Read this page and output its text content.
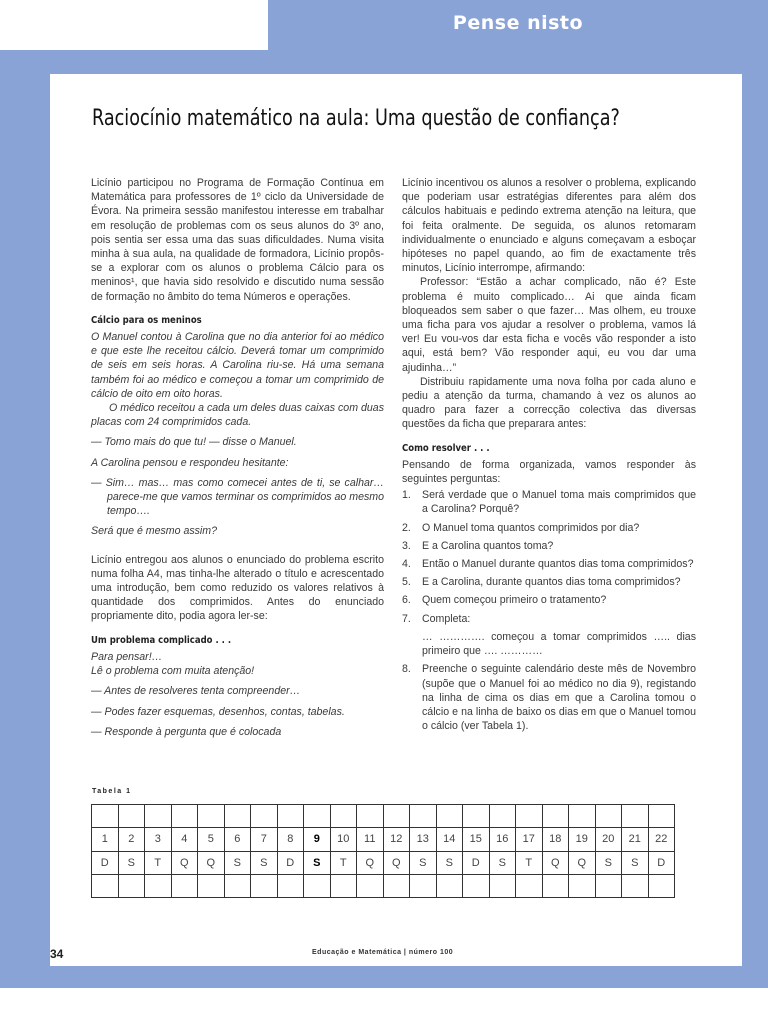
Pense nisto
Raciocínio matemático na aula: Uma questão de confiança?

Licínio participou no Programa de Formação Contínua em Matemática para professores de 1º ciclo da Universidade de Évora. Na primeira sessão manifestou interesse em trabalhar em resolução de problemas com os seus alunos do 3º ano, pois sentia ser essa uma das suas dificuldades. Numa visita minha à sua aula, na qualidade de formadora, Licínio propôs-se a explorar com os alunos o problema Cálcio para os meninos¹, que havia sido resolvido e discutido numa sessão de formação no âmbito do tema Números e operações.

Cálcio para os meninos

O Manuel contou à Carolina que no dia anterior foi ao médico e que este lhe receitou cálcio. Deverá tomar um comprimido de seis em seis horas. A Carolina riu-se. Há uma semana também foi ao médico e começou a tomar um comprimido de cálcio de oito em oito horas.

O médico receitou a cada um deles duas caixas com duas placas com 24 comprimidos cada.

— Tomo mais do que tu! — disse o Manuel.

A Carolina pensou e respondeu hesitante:

— Sim… mas… mas como comecei antes de ti, se calhar… parece-me que vamos terminar os comprimidos ao mesmo tempo….

Será que é mesmo assim?

Licínio entregou aos alunos o enunciado do problema escrito numa folha A4, mas tinha-lhe alterado o título e acrescentado uma introdução, bem como reduzido os valores relativos à quantidade dos comprimidos. Antes do enunciado propriamente dito, podia agora ler-se:

Um problema complicado . . .

Para pensar!…

Lê o problema com muita atenção!

— Antes de resolveres tenta compreender…

— Podes fazer esquemas, desenhos, contas, tabelas.

— Responde à pergunta que é colocada

Licínio incentivou os alunos a resolver o problema, explicando que poderiam usar estratégias diferentes para além dos cálculos habituais e pedindo extrema atenção na leitura, que foi feita oralmente. De seguida, os alunos retomaram individualmente o enunciado e alguns começavam a esboçar hipóteses no papel quando, ao fim de exactamente três minutos, Licínio interrompe, afirmando:

Professor: “Estão a achar complicado, não é? Este problema é muito complicado… Ai que ainda ficam bloqueados sem saber o que fazer… Mas olhem, eu trouxe uma ficha para vos ajudar a resolver o problema, vamos lá ver! Eu vou-vos dar esta ficha e vocês vão responder a isto aqui, está bem? Vão responder aqui, eu vou dar uma ajudinha…”

Distribuiu rapidamente uma nova folha por cada aluno e pediu a atenção da turma, chamando à vez os alunos ao quadro para fazer a correcção colectiva das diversas questões da ficha que preparara antes:

Como resolver . . .

Pensando de forma organizada, vamos responder às seguintes perguntas:

1. Será verdade que o Manuel toma mais comprimidos que a Carolina? Porquê?
2. O Manuel toma quantos comprimidos por dia?
3. E a Carolina quantos toma?
4. Então o Manuel durante quantos dias toma comprimidos?
5. E a Carolina, durante quantos dias toma comprimidos?
6. Quem começou primeiro o tratamento?
7. Completa:
… …………. começou a tomar comprimidos ….. dias primeiro que …. …………
8. Preenche o seguinte calendário deste mês de Novembro (supõe que o Manuel foi ao médico no dia 9), registando na linha de cima os dias em que a Carolina tomou o cálcio e na linha de baixo os dias em que o Manuel tomou o cálcio (ver Tabela 1).
Tabela 1

1	2	3	4	5	6	7	8	9	10	11	12	13	14	15	16	17	18	19	20	21	22
D	S	T	Q	Q	S	S	D	S	T	Q	Q	S	S	D	S	T	Q	Q	S	S	D

34	Educação e Matemática | número 100
